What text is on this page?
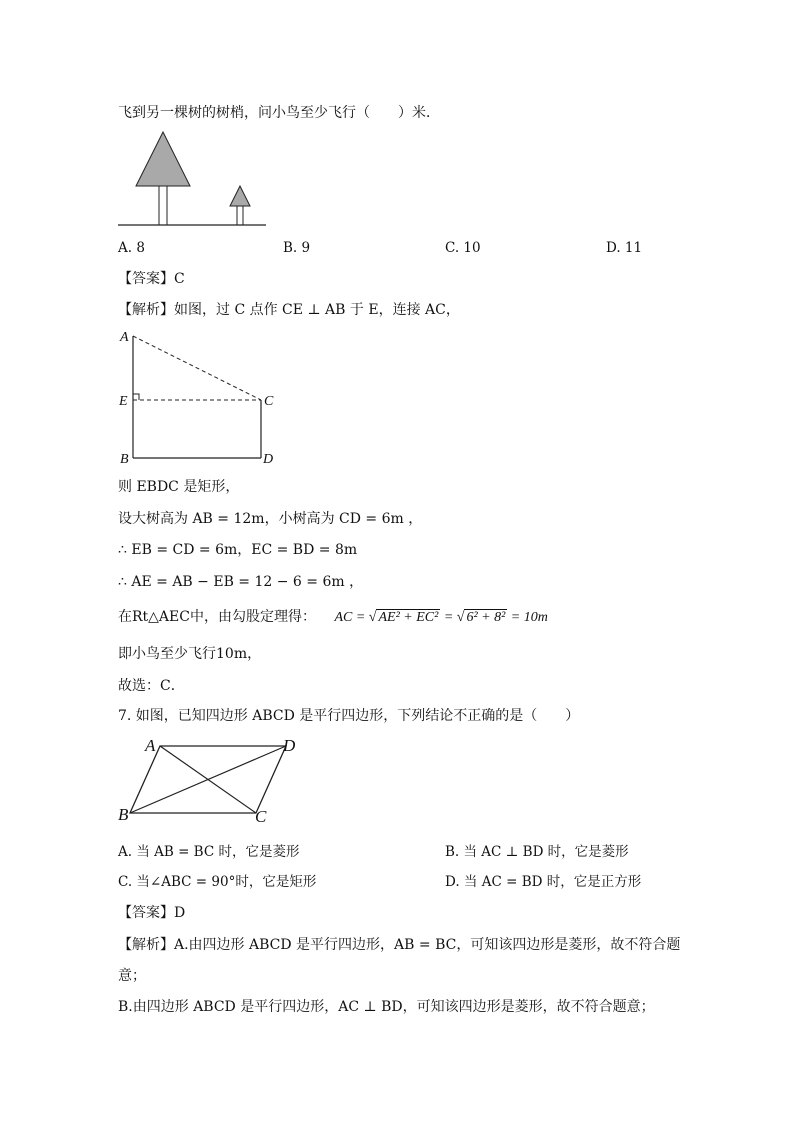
飞到另一棵树的树梢，问小鸟至少飞行（　　）米．
A. 8	B. 9	C. 10	D. 11
【答案】C
【解析】如图，过 C 点作 CE ⊥ AB 于 E，连接 AC，
A
E	C
B	D
则 EBDC 是矩形，
设大树高为 AB = 12m，小树高为 CD = 6m ，
∴ EB = CD = 6m，EC = BD = 8m
∴ AE = AB − EB = 12 − 6 = 6m ，
在Rt△AEC中，由勾股定理得： AC = √ AE² + EC² = √ 6² + 8² = 10m
即小鸟至少飞行10m，
故选：C．
7. 如图，已知四边形 ABCD 是平行四边形，下列结论不正确的是（　　）
A	D
B	C
A. 当 AB = BC 时，它是菱形	B. 当 AC ⊥ BD 时，它是菱形
C. 当∠ABC = 90°时，它是矩形	D. 当 AC = BD 时，它是正方形
【答案】D
【解析】A.由四边形 ABCD 是平行四边形，AB = BC，可知该四边形是菱形，故不符合题
意；
B.由四边形 ABCD 是平行四边形，AC ⊥ BD，可知该四边形是菱形，故不符合题意；
